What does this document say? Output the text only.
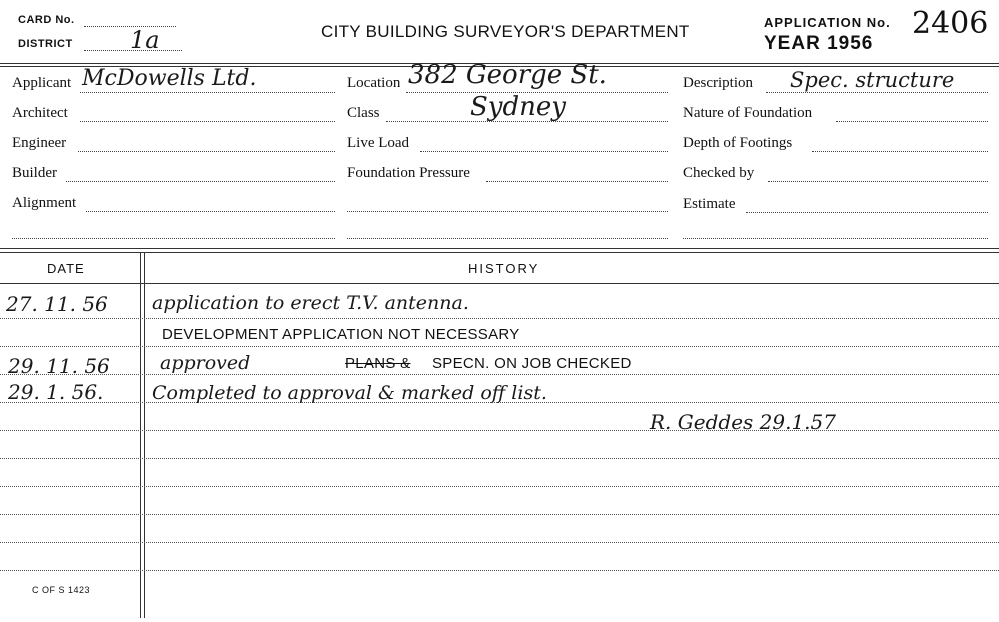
CARD No.
DISTRICT 1a	CITY BUILDING SURVEYOR'S DEPARTMENT	APPLICATION No. 2406
YEAR 1956
Applicant McDowells Ltd.
Architect
Engineer
Builder
Alignment
Location 382 George St.
Sydney
Class
Live Load
Foundation Pressure
Description Spec. structure
Nature of Foundation
Depth of Footings
Checked by
Estimate
DATE	HISTORY
27. 11. 56 application to erect T.V. antenna.
DEVELOPMENT APPLICATION NOT NECESSARY
29. 11. 56	approved	PLANS & SPECN. ON JOB CHECKED
29. 1. 56.	Completed to approval & marked off list.
R. Geddes 29.1.57
C OF S 1423
